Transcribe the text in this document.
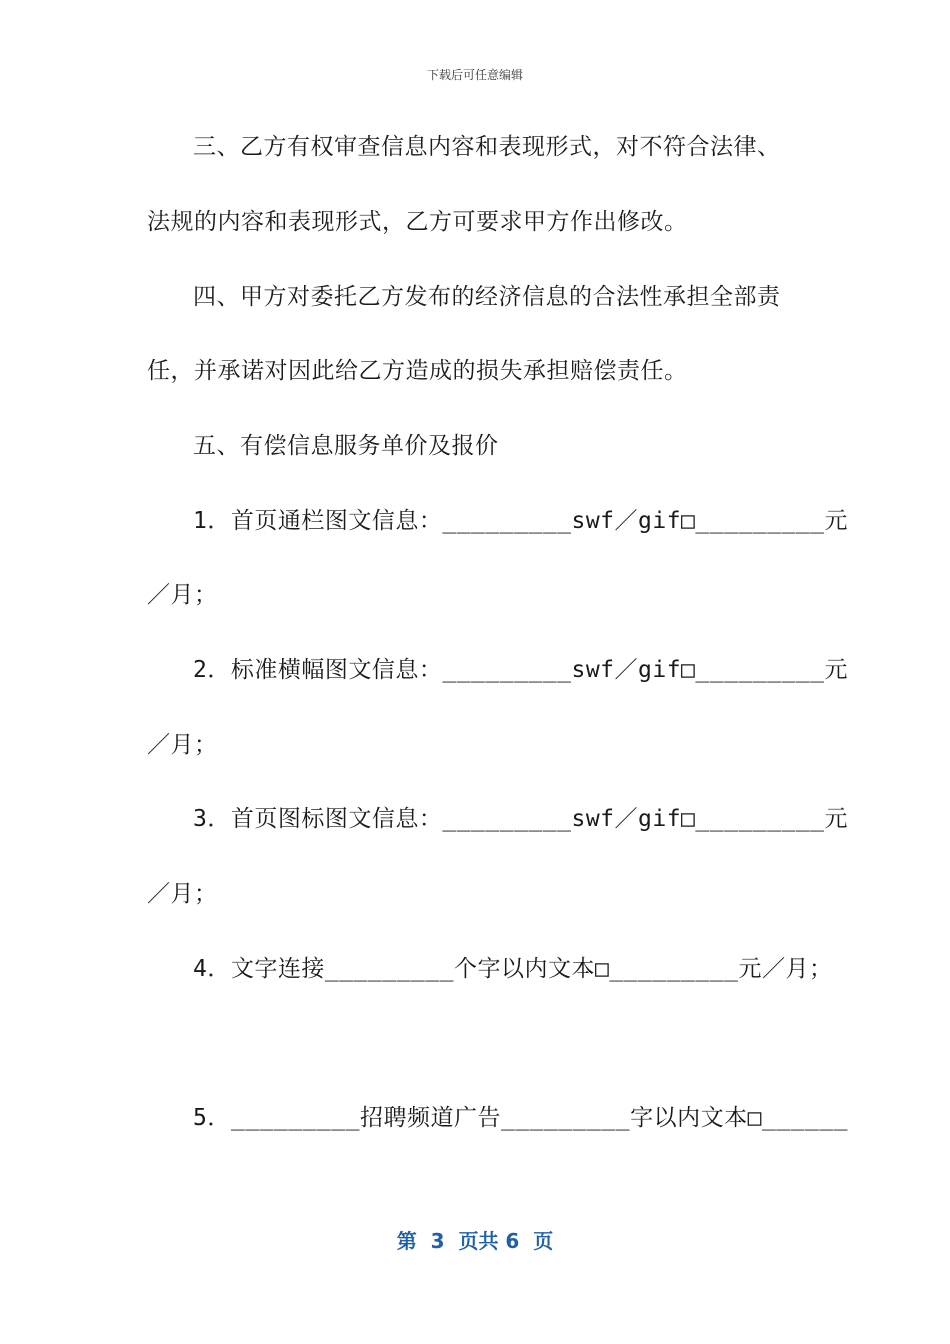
下载后可任意编辑
三、乙方有权审查信息内容和表现形式，对不符合法律、
法规的内容和表现形式，乙方可要求甲方作出修改。
四、甲方对委托乙方发布的经济信息的合法性承担全部责
任，并承诺对因此给乙方造成的损失承担赔偿责任。
五、有偿信息服务单价及报价
1．首页通栏图文信息：_________swf／gif□_________元
／月；
2．标准横幅图文信息：_________swf／gif□_________元
／月；
3．首页图标图文信息：_________swf／gif□_________元
／月；
4．文字连接_________个字以内文本□_________元／月；
5．_________招聘频道广告_________字以内文本□______
第  3  页共 6  页
